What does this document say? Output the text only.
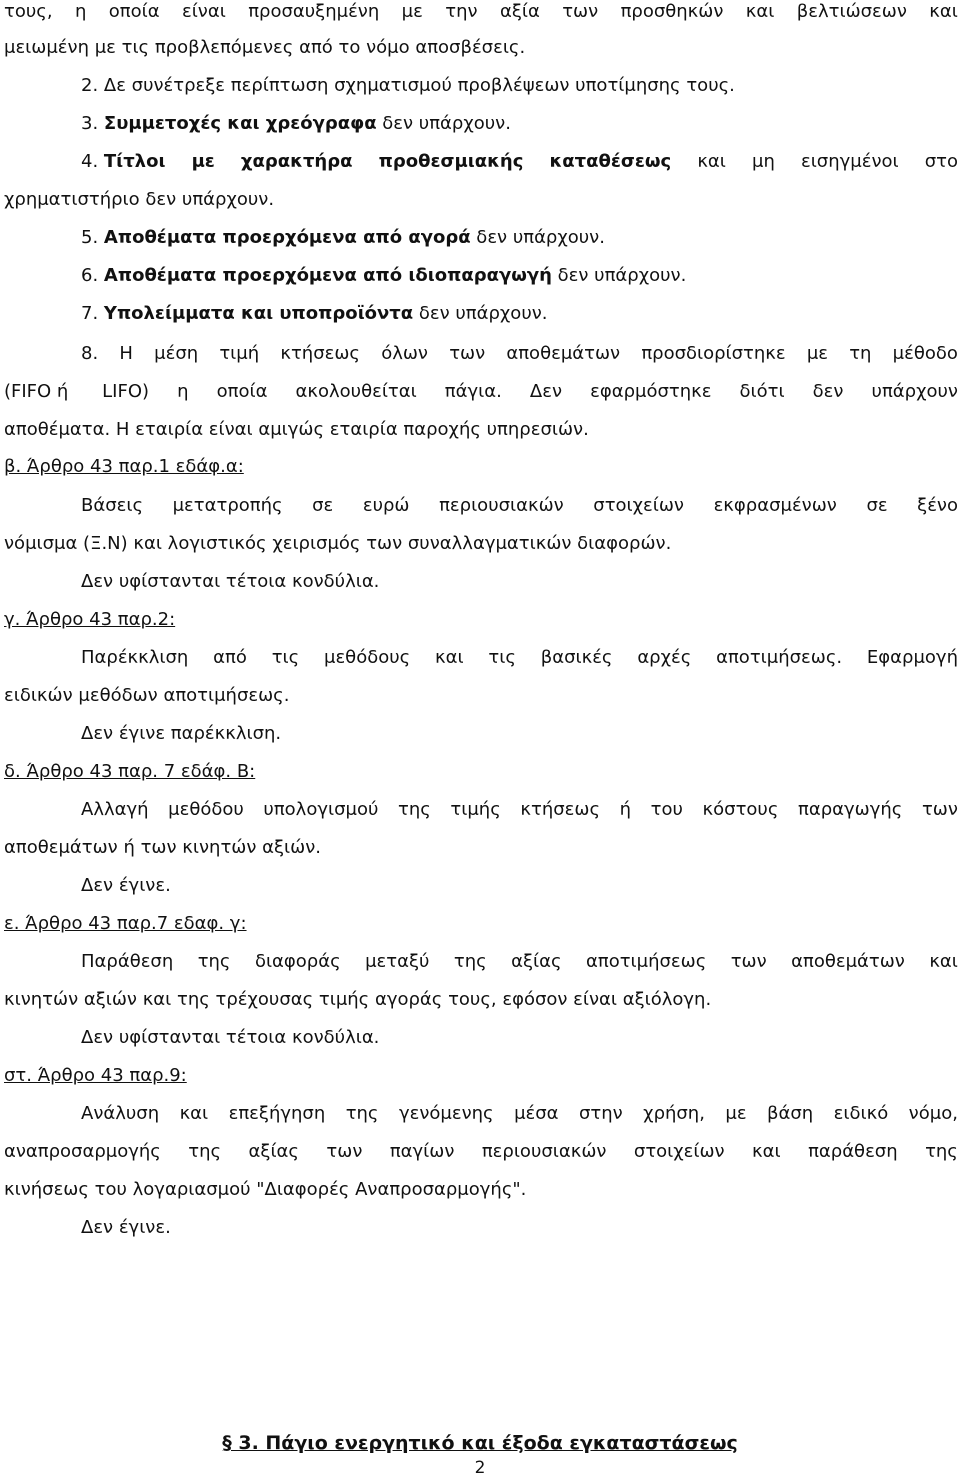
τους, η οποία είναι προσαυξημένη με την αξία των προσθηκών και βελτιώσεων και
μειωμένη με τις προβλεπόμενες από το νόμο αποσβέσεις.
2. Δε συνέτρεξε περίπτωση σχηματισμού προβλέψεων υποτίμησης τους.
3. Συμμετοχές και χρεόγραφα δεν υπάρχουν.
4. Τίτλοι με χαρακτήρα προθεσμιακής καταθέσεως και μη εισηγμένοι στο
χρηματιστήριο δεν υπάρχουν.
5. Αποθέματα προερχόμενα από αγορά δεν υπάρχουν.
6. Αποθέματα προερχόμενα από ιδιοπαραγωγή δεν υπάρχουν.
7. Υπολείμματα και υποπροϊόντα δεν υπάρχουν.
8. Η μέση τιμή κτήσεως όλων των αποθεμάτων προσδιορίστηκε με τη μέθοδο
(FIFO ή LIFO) η οποία ακολουθείται πάγια. Δεν εφαρμόστηκε διότι δεν υπάρχουν
αποθέματα. Η εταιρία είναι αμιγώς εταιρία παροχής υπηρεσιών.
β. Άρθρο 43 παρ.1 εδάφ.α:
Βάσεις μετατροπής σε ευρώ περιουσιακών στοιχείων εκφρασμένων σε ξένο
νόμισμα (Ξ.Ν) και λογιστικός χειρισμός των συναλλαγματικών διαφορών.
Δεν υφίστανται τέτοια κονδύλια.
γ. Άρθρο 43 παρ.2:
Παρέκκλιση από τις μεθόδους και τις βασικές αρχές αποτιμήσεως. Εφαρμογή
ειδικών μεθόδων αποτιμήσεως.
Δεν έγινε παρέκκλιση.
δ. Άρθρο 43 παρ. 7 εδάφ. Β:
Αλλαγή μεθόδου υπολογισμού της τιμής κτήσεως ή του κόστους παραγωγής των
αποθεμάτων ή των κινητών αξιών.
Δεν έγινε.
ε. Άρθρο 43 παρ.7 εδαφ. γ:
Παράθεση της διαφοράς μεταξύ της αξίας αποτιμήσεως των αποθεμάτων και
κινητών αξιών και της τρέχουσας τιμής αγοράς τους, εφόσον είναι αξιόλογη.
Δεν υφίστανται τέτοια κονδύλια.
στ. Άρθρο 43 παρ.9:
Ανάλυση και επεξήγηση της γενόμενης μέσα στην χρήση, με βάση ειδικό νόμο,
αναπροσαρμογής της αξίας των παγίων περιουσιακών στοιχείων και παράθεση της
κινήσεως του λογαριασμού "Διαφορές Αναπροσαρμογής".
Δεν έγινε.
§ 3. Πάγιο ενεργητικό και έξοδα εγκαταστάσεως
2
